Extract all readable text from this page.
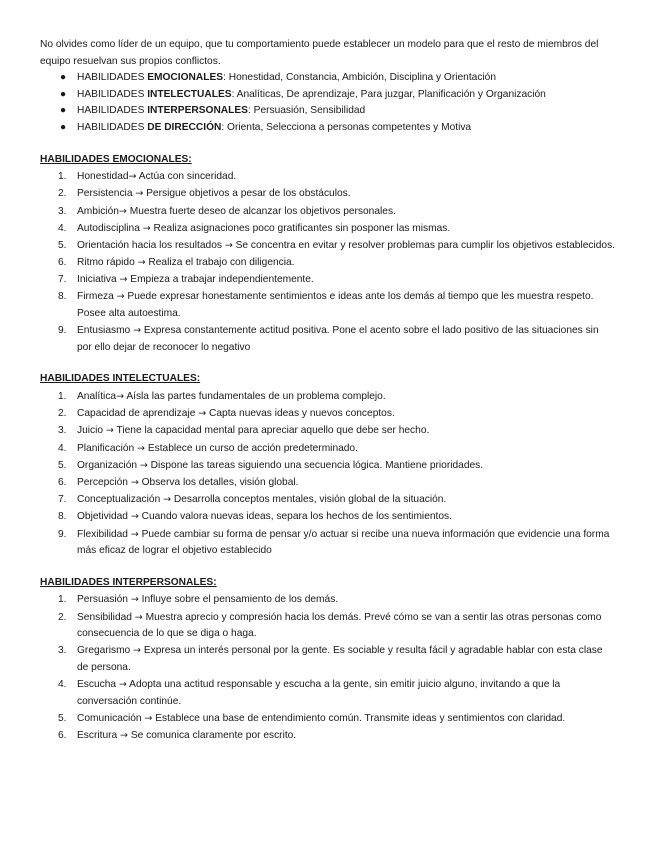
No olvides como líder de un equipo, que tu comportamiento puede establecer un modelo para que el resto de miembros del equipo resuelvan sus propios conflictos.

● HABILIDADES EMOCIONALES: Honestidad, Constancia, Ambición, Disciplina y Orientación
● HABILIDADES INTELECTUALES: Analíticas, De aprendizaje, Para juzgar, Planificación y Organización
● HABILIDADES INTERPERSONALES: Persuasión, Sensibilidad
● HABILIDADES DE DIRECCIÓN: Orienta, Selecciona a personas competentes y Motiva
HABILIDADES EMOCIONALES:
1. Honestidad→ Actúa con sinceridad.
2. Persistencia → Persigue objetivos a pesar de los obstáculos.
3. Ambición→ Muestra fuerte deseo de alcanzar los objetivos personales.
4. Autodisciplina → Realiza asignaciones poco gratificantes sin posponer las mismas.
5. Orientación hacia los resultados → Se concentra en evitar y resolver problemas para cumplir los objetivos establecidos.
6. Ritmo rápido → Realiza el trabajo con diligencia.
7. Iniciativa → Empieza a trabajar independientemente.
8. Firmeza → Puede expresar honestamente sentimientos e ideas ante los demás al tiempo que les muestra respeto. Posee alta autoestima.
9. Entusiasmo → Expresa constantemente actitud positiva. Pone el acento sobre el lado positivo de las situaciones sin por ello dejar de reconocer lo negativo
HABILIDADES INTELECTUALES:
1. Analítica→ Aísla las partes fundamentales de un problema complejo.
2. Capacidad de aprendizaje → Capta nuevas ideas y nuevos conceptos.
3. Juicio → Tiene la capacidad mental para apreciar aquello que debe ser hecho.
4. Planificación → Establece un curso de acción predeterminado.
5. Organización → Dispone las tareas siguiendo una secuencia lógica. Mantiene prioridades.
6. Percepción → Observa los detalles, visión global.
7. Conceptualización → Desarrolla conceptos mentales, visión global de la situación.
8. Objetividad → Cuando valora nuevas ideas, separa los hechos de los sentimientos.
9. Flexibilidad → Puede cambiar su forma de pensar y/o actuar si recibe una nueva información que evidencie una forma más eficaz de lograr el objetivo establecido
HABILIDADES INTERPERSONALES:
1. Persuasión → Influye sobre el pensamiento de los demás.
2. Sensibilidad → Muestra aprecio y compresión hacia los demás. Prevé cómo se van a sentir las otras personas como consecuencia de lo que se diga o haga.
3. Gregarismo → Expresa un interés personal por la gente. Es sociable y resulta fácil y agradable hablar con esta clase de persona.
4. Escucha → Adopta una actitud responsable y escucha a la gente, sin emitir juicio alguno, invitando a que la conversación continúe.
5. Comunicación → Establece una base de entendimiento común. Transmite ideas y sentimientos con claridad.
6. Escritura → Se comunica claramente por escrito.
